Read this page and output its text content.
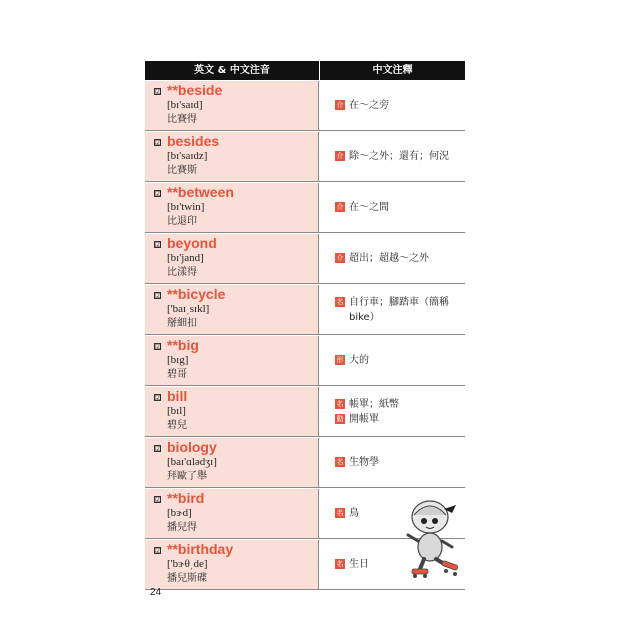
英文 & 中文注音	中文注釋
☑ **beside
[bɪ'saɪd]
比賽得
介 在～之旁
☑ besides
[bɪ'saɪdz]
比賽斯
介 除～之外；還有；何況
☑ **between
[bɪ'twin]
比退印
介 在～之間
☑ beyond
[bɪ'jand]
比漾得
介 超出；超越～之外
☑ **bicycle
['baɪˌsɪkl]
掰細扣
名 自行車；腳踏車（簡稱 bike）
☑ **big
[bɪg]
碧哥
形 大的
☑ bill
[bɪl]
碧兒
名 帳單；紙幣
動 開帳單
☑ biology
[baɪ'ɑlədʒɪ]
拜歐了舉
名 生物學
☑ **bird
[bɝd]
播兒得
名 鳥
☑ **birthday
['bɝθˌde]
播兒斯碟
名 生日
24
